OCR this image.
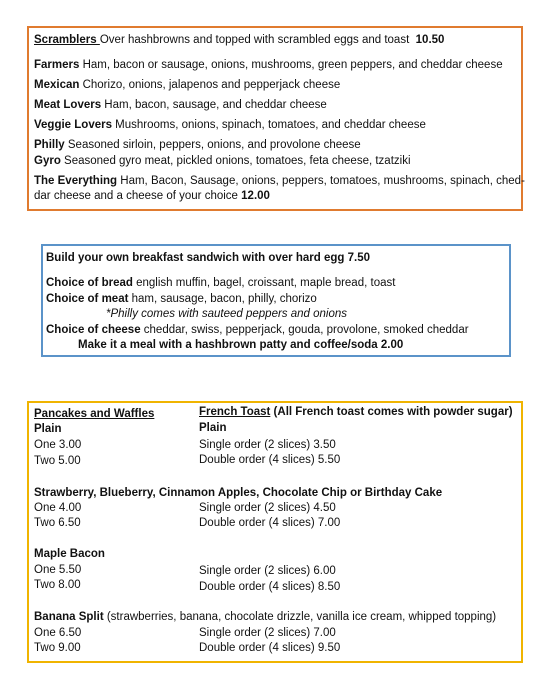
Scramblers Over hashbrowns and topped with scrambled eggs and toast 10.50
Farmers Ham, bacon or sausage, onions, mushrooms, green peppers, and cheddar cheese
Mexican Chorizo, onions, jalapenos and pepperjack cheese
Meat Lovers Ham, bacon, sausage, and cheddar cheese
Veggie Lovers Mushrooms, onions, spinach, tomatoes, and cheddar cheese
Philly Seasoned sirloin, peppers, onions, and provolone cheese
Gyro Seasoned gyro meat, pickled onions, tomatoes, feta cheese, tzatziki
The Everything Ham, Bacon, Sausage, onions, peppers, tomatoes, mushrooms, spinach, ched-
dar cheese and a cheese of your choice 12.00
Build your own breakfast sandwich with over hard egg 7.50
Choice of bread english muffin, bagel, croissant, maple bread, toast
Choice of meat ham, sausage, bacon, philly, chorizo
*Philly comes with sauteed peppers and onions
Choice of cheese cheddar, swiss, pepperjack, gouda, provolone, smoked cheddar
Make it a meal with a hashbrown patty and coffee/soda 2.00
Pancakes and Waffles	French Toast (All French toast comes with powder sugar)
Plain	Plain
One 3.00
Two 5.00
Single order (2 slices) 3.50
Double order (4 slices) 5.50
Strawberry, Blueberry, Cinnamon Apples, Chocolate Chip or Birthday Cake
One 4.00
Two 6.50
Single order (2 slices) 4.50
Double order (4 slices) 7.00
Maple Bacon
One 5.50
Two 8.00
Single order (2 slices) 6.00
Double order (4 slices) 8.50
Banana Split (strawberries, banana, chocolate drizzle, vanilla ice cream, whipped topping)
One 6.50
Two 9.00
Single order (2 slices) 7.00
Double order (4 slices) 9.50
